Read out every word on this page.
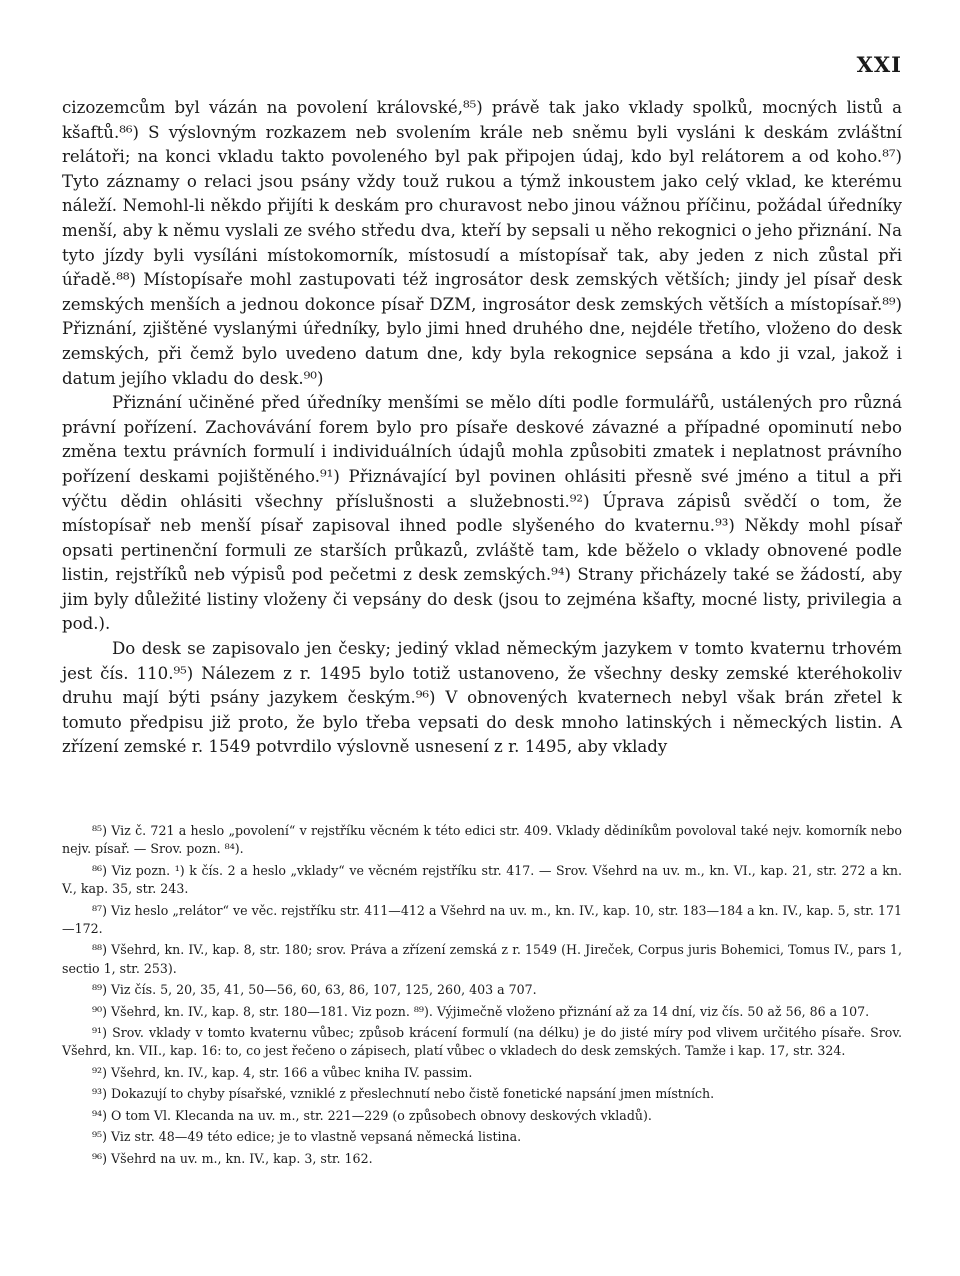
XXI

cizozemcům byl vázán na povolení královské,⁸⁵) právě tak jako vklady spolků, mocných listů a kšaftů.⁸⁶) S výslovným rozkazem neb svolením krále neb sněmu byli vysláni k deskám zvláštní relátoři; na konci vkladu takto povoleného byl pak připojen údaj, kdo byl relátorem a od koho.⁸⁷) Tyto záznamy o relaci jsou psány vždy touž rukou a týmž inkoustem jako celý vklad, ke kterému náleží. Nemohl-li někdo přijíti k deskám pro churavost nebo jinou vážnou příčinu, požádal úředníky menší, aby k němu vyslali ze svého středu dva, kteří by sepsali u něho rekognici o jeho přiznání. Na tyto jízdy byli vysíláni místokomorník, místosudí a místopísař tak, aby jeden z nich zůstal při úřadě.⁸⁸) Místopísaře mohl zastupovati též ingrosátor desk zemských větších; jindy jel písař desk zemských menších a jednou dokonce písař DZM, ingrosátor desk zemských větších a místopísař.⁸⁹) Přiznání, zjištěné vyslanými úředníky, bylo jimi hned druhého dne, nejdéle třetího, vloženo do desk zemských, při čemž bylo uvedeno datum dne, kdy byla rekognice sepsána a kdo ji vzal, jakož i datum jejího vkladu do desk.⁹⁰)

Přiznání učiněné před úředníky menšími se mělo díti podle formulářů, ustálených pro různá právní pořízení. Zachovávání forem bylo pro písaře deskové závazné a případné opominutí nebo změna textu právních formulí i individuálních údajů mohla způsobiti zmatek i neplatnost právního pořízení deskami pojištěného.⁹¹) Přiznávající byl povinen ohlásiti přesně své jméno a titul a při výčtu dědin ohlásiti všechny příslušnosti a služebnosti.⁹²) Úprava zápisů svědčí o tom, že místopísař neb menší písař zapisoval ihned podle slyšeného do kvaternu.⁹³) Někdy mohl písař opsati pertinenční formuli ze starších průkazů, zvláště tam, kde běželo o vklady obnovené podle listin, rejstříků neb výpisů pod pečetmi z desk zemských.⁹⁴) Strany přicházely také se žádostí, aby jim byly důležité listiny vloženy či vepsány do desk (jsou to zejména kšafty, mocné listy, privilegia a pod.).

Do desk se zapisovalo jen česky; jediný vklad německým jazykem v tomto kvaternu trhovém jest čís. 110.⁹⁵) Nálezem z r. 1495 bylo totiž ustanoveno, že všechny desky zemské kteréhokoliv druhu mají býti psány jazykem českým.⁹⁶) V obnovených kvaternech nebyl však brán zřetel k tomuto předpisu již proto, že bylo třeba vepsati do desk mnoho latinských i německých listin. A zřízení zemské r. 1549 potvrdilo výslovně usnesení z r. 1495, aby vklady

⁸⁵) Viz č. 721 a heslo „povolení“ v rejstříku věcném k této edici str. 409. Vklady dědiníkům povoloval také nejv. komorník nebo nejv. písař. — Srov. pozn. ⁸⁴).

⁸⁶) Viz pozn. ¹) k čís. 2 a heslo „vklady“ ve věcném rejstříku str. 417. — Srov. Všehrd na uv. m., kn. VI., kap. 21, str. 272 a kn. V., kap. 35, str. 243.

⁸⁷) Viz heslo „relátor“ ve věc. rejstříku str. 411—412 a Všehrd na uv. m., kn. IV., kap. 10, str. 183—184 a kn. IV., kap. 5, str. 171—172.

⁸⁸) Všehrd, kn. IV., kap. 8, str. 180; srov. Práva a zřízení zemská z r. 1549 (H. Jireček, Corpus juris Bohemici, Tomus IV., pars 1, sectio 1, str. 253).

⁸⁹) Viz čís. 5, 20, 35, 41, 50—56, 60, 63, 86, 107, 125, 260, 403 a 707.

⁹⁰) Všehrd, kn. IV., kap. 8, str. 180—181. Viz pozn. ⁸⁹). Výjimečně vloženo přiznání až za 14 dní, viz čís. 50 až 56, 86 a 107.

⁹¹) Srov. vklady v tomto kvaternu vůbec; způsob krácení formulí (na délku) je do jisté míry pod vlivem určitého písaře. Srov. Všehrd, kn. VII., kap. 16: to, co jest řečeno o zápisech, platí vůbec o vkladech do desk zemských. Tamže i kap. 17, str. 324.

⁹²) Všehrd, kn. IV., kap. 4, str. 166 a vůbec kniha IV. passim.

⁹³) Dokazují to chyby písařské, vzniklé z přeslechnutí nebo čistě fonetické napsání jmen místních.

⁹⁴) O tom Vl. Klecanda na uv. m., str. 221—229 (o způsobech obnovy deskových vkladů).

⁹⁵) Viz str. 48—49 této edice; je to vlastně vepsaná německá listina.

⁹⁶) Všehrd na uv. m., kn. IV., kap. 3, str. 162.
